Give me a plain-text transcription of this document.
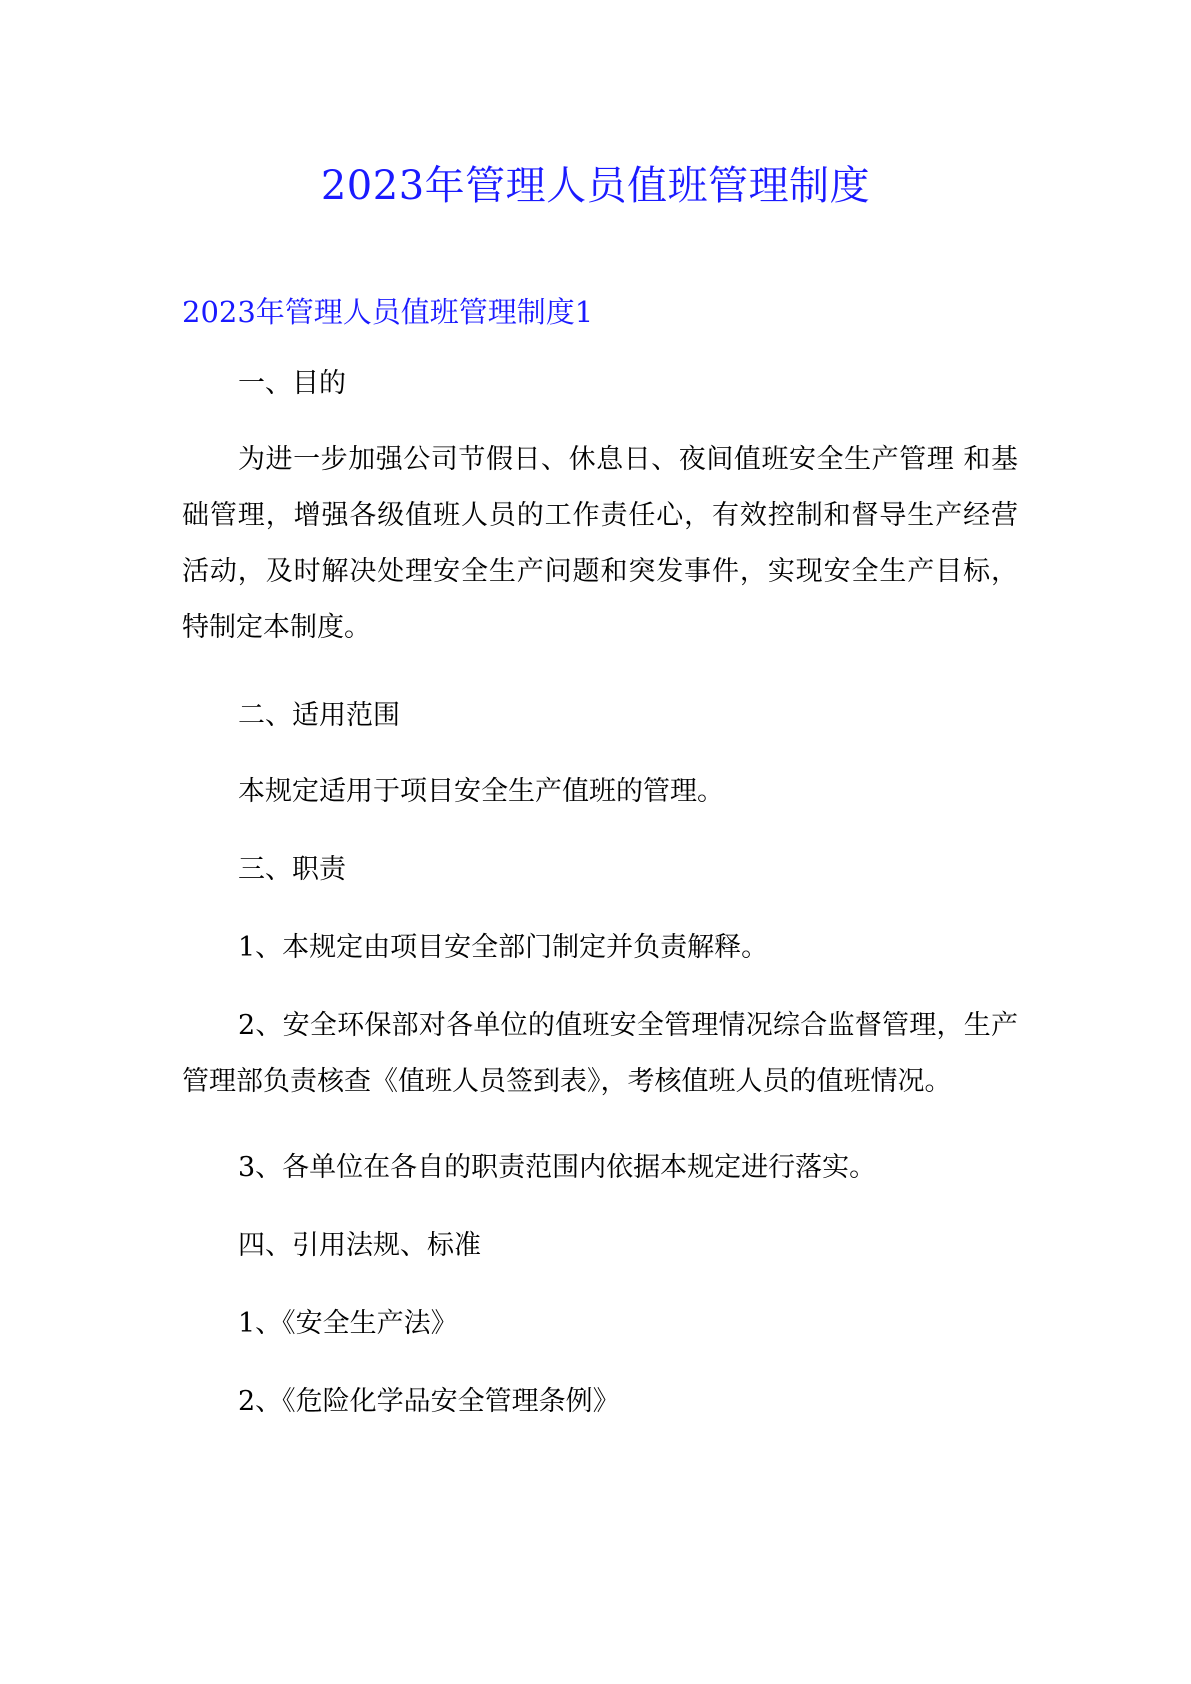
2023年管理人员值班管理制度
2023年管理人员值班管理制度1

一、目的

为进一步加强公司节假日、休息日、夜间值班安全生产管理 和基础管理，增强各级值班人员的工作责任心，有效控制和督导生产经营活动，及时解决处理安全生产问题和突发事件，实现安全生产目标，特制定本制度。

二、适用范围

本规定适用于项目安全生产值班的管理。

三、职责

1、本规定由项目安全部门制定并负责解释。

2、安全环保部对各单位的值班安全管理情况综合监督管理，生产管理部负责核查《值班人员签到表》，考核值班人员的值班情况。

3、各单位在各自的职责范围内依据本规定进行落实。

四、引用法规、标准

1、《安全生产法》

2、《危险化学品安全管理条例》
